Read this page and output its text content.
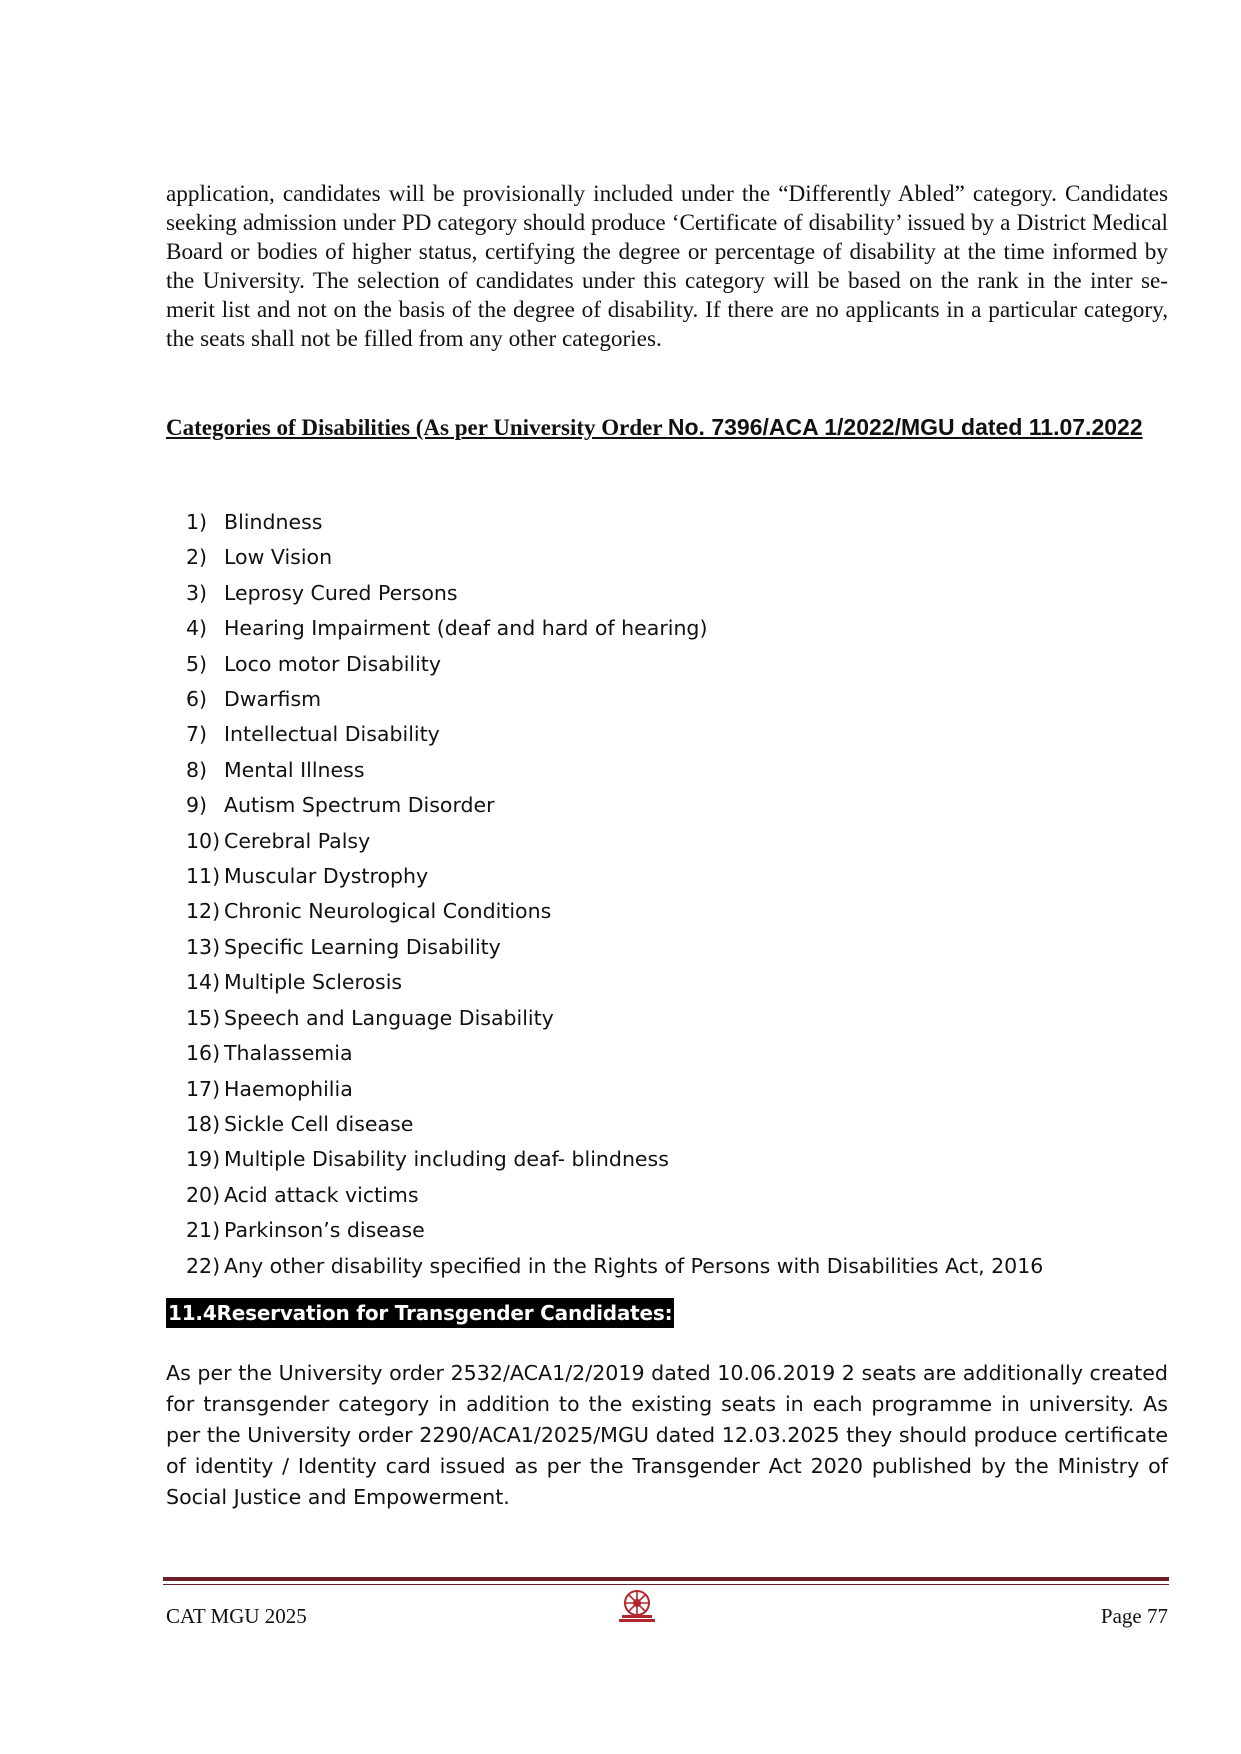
application, candidates will be provisionally included under the “Differently Abled” category. Candidates seeking admission under PD category should produce ‘Certificate of disability’ issued by a District Medical Board or bodies of higher status, certifying the degree or percentage of disability at the time informed by the University. The selection of candidates under this category will be based on the rank in the inter se-merit list and not on the basis of the degree of disability. If there are no applicants in a particular category, the seats shall not be filled from any other categories.

Categories of Disabilities (As per University Order No. 7396/ACA 1/2022/MGU dated 11.07.2022

1) Blindness
2) Low Vision
3) Leprosy Cured Persons
4) Hearing Impairment (deaf and hard of hearing)
5) Loco motor Disability
6) Dwarfism
7) Intellectual Disability
8) Mental Illness
9) Autism Spectrum Disorder
10) Cerebral Palsy
11) Muscular Dystrophy
12) Chronic Neurological Conditions
13) Specific Learning Disability
14) Multiple Sclerosis
15) Speech and Language Disability
16) Thalassemia
17) Haemophilia
18) Sickle Cell disease
19) Multiple Disability including deaf- blindness
20) Acid attack victims
21) Parkinson’s disease
22) Any other disability specified in the Rights of Persons with Disabilities Act, 2016
11.4Reservation for Transgender Candidates:

As per the University order 2532/ACA1/2/2019 dated 10.06.2019 2 seats are additionally created for transgender category in addition to the existing seats in each programme in university. As per the University order 2290/ACA1/2025/MGU dated 12.03.2025 they should produce certificate of identity / Identity card issued as per the Transgender Act 2020 published by the Ministry of Social Justice and Empowerment.

CAT MGU 2025	Page 77
